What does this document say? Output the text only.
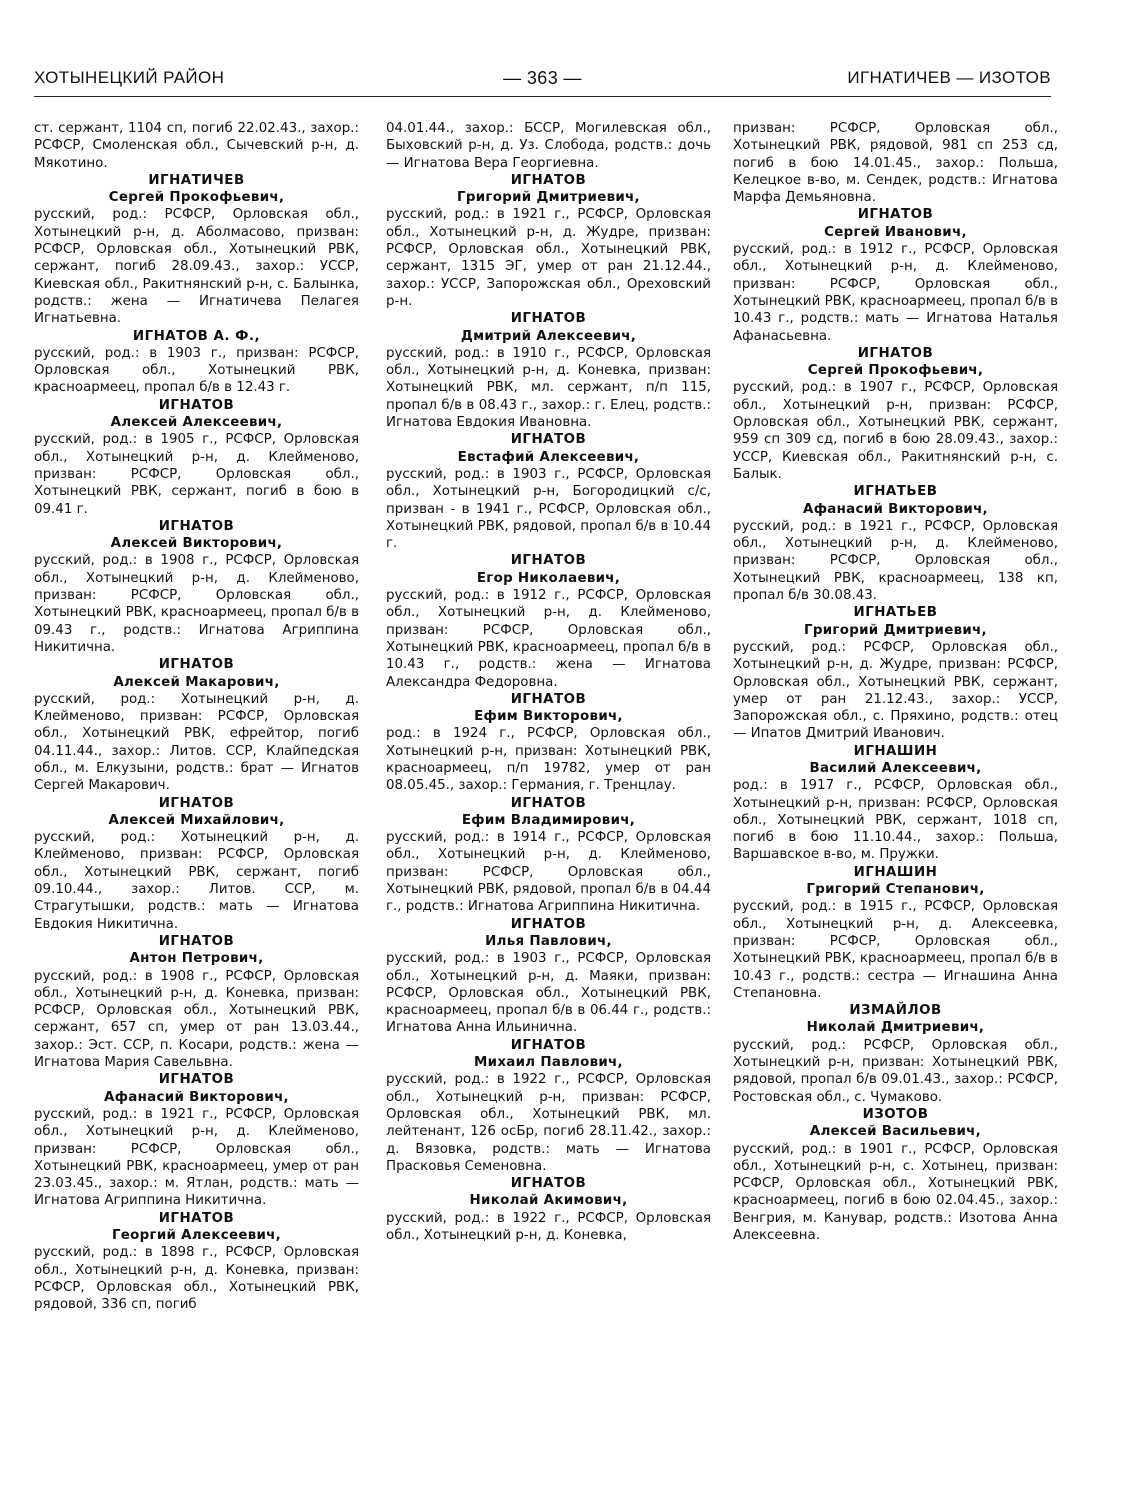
— 363 —
ХОТЫНЕЦКИЙ РАЙОН	ИГНАТИЧЕВ — ИЗОТОВ

ст. сержант, 1104 сп, погиб 22.02.43., захор.: РСФСР, Смоленская обл., Сычевский р-н, д. Мякотино.

ИГНАТИЧЕВ
Сергей Прокофьевич,

русский, род.: РСФСР, Орловская обл., Хотынецкий р-н, д. Аболмасово, призван: РСФСР, Орловская обл., Хотынецкий РВК, сержант, погиб 28.09.43., захор.: УССР, Киевская обл., Ракитнянский р-н, с. Балынка, родств.: жена — Игнатичева Пелагея Игнатьевна.

ИГНАТОВ А. Ф.,

русский, род.: в 1903 г., призван: РСФСР, Орловская обл., Хотынецкий РВК, красноармеец, пропал б/в в 12.43 г.

ИГНАТОВ
Алексей Алексеевич,

русский, род.: в 1905 г., РСФСР, Орловская обл., Хотынецкий р-н, д. Клейменово, призван: РСФСР, Орловская обл., Хотынецкий РВК, сержант, погиб в бою в 09.41 г.

ИГНАТОВ
Алексей Викторович,

русский, род.: в 1908 г., РСФСР, Орловская обл., Хотынецкий р-н, д. Клейменово, призван: РСФСР, Орловская обл., Хотынецкий РВК, красноармеец, пропал б/в в 09.43 г., родств.: Игнатова Агриппина Никитична.

ИГНАТОВ
Алексей Макарович,

русский, род.: Хотынецкий р-н, д. Клейменово, призван: РСФСР, Орловская обл., Хотынецкий РВК, ефрейтор, погиб 04.11.44., захор.: Литов. ССР, Клайпедская обл., м. Елкузыни, родств.: брат — Игнатов Сергей Макарович.

ИГНАТОВ
Алексей Михайлович,

русский, род.: Хотынецкий р-н, д. Клейменово, призван: РСФСР, Орловская обл., Хотынецкий РВК, сержант, погиб 09.10.44., захор.: Литов. ССР, м. Страгутышки, родств.: мать — Игнатова Евдокия Никитична.

ИГНАТОВ
Антон Петрович,

русский, род.: в 1908 г., РСФСР, Орловская обл., Хотынецкий р-н, д. Коневка, призван: РСФСР, Орловская обл., Хотынецкий РВК, сержант, 657 сп, умер от ран 13.03.44., захор.: Эст. ССР, п. Косари, родств.: жена — Игнатова Мария Савельвна.

ИГНАТОВ
Афанасий Викторович,

русский, род.: в 1921 г., РСФСР, Орловская обл., Хотынецкий р-н, д. Клейменово, призван: РСФСР, Орловская обл., Хотынецкий РВК, красноармеец, умер от ран 23.03.45., захор.: м. Ятлан, родств.: мать — Игнатова Агриппина Никитична.

ИГНАТОВ
Георгий Алексеевич,

русский, род.: в 1898 г., РСФСР, Орловская обл., Хотынецкий р-н, д. Коневка, призван: РСФСР, Орловская обл., Хотынецкий РВК, рядовой, 336 сп, погиб

04.01.44., захор.: БССР, Могилевская обл., Быховский р-н, д. Уз. Слобода, родств.: дочь — Игнатова Вера Георгиевна.

ИГНАТОВ
Григорий Дмитриевич,

русский, род.: в 1921 г., РСФСР, Орловская обл., Хотынецкий р-н, д. Жудре, призван: РСФСР, Орловская обл., Хотынецкий РВК, сержант, 1315 ЭГ, умер от ран 21.12.44., захор.: УССР, Запорожская обл., Ореховский р-н.

ИГНАТОВ
Дмитрий Алексеевич,

русский, род.: в 1910 г., РСФСР, Орловская обл., Хотынецкий р-н, д. Коневка, призван: Хотынецкий РВК, мл. сержант, п/п 115, пропал б/в в 08.43 г., захор.: г. Елец, родств.: Игнатова Евдокия Ивановна.

ИГНАТОВ
Евстафий Алексеевич,

русский, род.: в 1903 г., РСФСР, Орловская обл., Хотынецкий р-н, Богородицкий с/с, призван - в 1941 г., РСФСР, Орловская обл., Хотынецкий РВК, рядовой, пропал б/в в 10.44 г.

ИГНАТОВ
Егор Николаевич,

русский, род.: в 1912 г., РСФСР, Орловская обл., Хотынецкий р-н, д. Клейменово, призван: РСФСР, Орловская обл., Хотынецкий РВК, красноармеец, пропал б/в в 10.43 г., родств.: жена — Игнатова Александра Федоровна.

ИГНАТОВ
Ефим Викторович,

род.: в 1924 г., РСФСР, Орловская обл., Хотынецкий р-н, призван: Хотынецкий РВК, красноармеец, п/п 19782, умер от ран 08.05.45., захор.: Германия, г. Тренцлау.

ИГНАТОВ
Ефим Владимирович,

русский, род.: в 1914 г., РСФСР, Орловская обл., Хотынецкий р-н, д. Клейменово, призван: РСФСР, Орловская обл., Хотынецкий РВК, рядовой, пропал б/в в 04.44 г., родств.: Игнатова Агриппина Никитична.

ИГНАТОВ
Илья Павлович,

русский, род.: в 1903 г., РСФСР, Орловская обл., Хотынецкий р-н, д. Маяки, призван: РСФСР, Орловская обл., Хотынецкий РВК, красноармеец, пропал б/в в 06.44 г., родств.: Игнатова Анна Ильинична.

ИГНАТОВ
Михаил Павлович,

русский, род.: в 1922 г., РСФСР, Орловская обл., Хотынецкий р-н, призван: РСФСР, Орловская обл., Хотынецкий РВК, мл. лейтенант, 126 осБр, погиб 28.11.42., захор.: д. Вязовка, родств.: мать — Игнатова Прасковья Семеновна.

ИГНАТОВ
Николай Акимович,

русский, род.: в 1922 г., РСФСР, Орловская обл., Хотынецкий р-н, д. Коневка,

призван: РСФСР, Орловская обл., Хотынецкий РВК, рядовой, 981 сп 253 сд, погиб в бою 14.01.45., захор.: Польша, Келецкое в-во, м. Сендек, родств.: Игнатова Марфа Демьяновна.

ИГНАТОВ
Сергей Иванович,

русский, род.: в 1912 г., РСФСР, Орловская обл., Хотынецкий р-н, д. Клейменово, призван: РСФСР, Орловская обл., Хотынецкий РВК, красноармеец, пропал б/в в 10.43 г., родств.: мать — Игнатова Наталья Афанасьевна.

ИГНАТОВ
Сергей Прокофьевич,

русский, род.: в 1907 г., РСФСР, Орловская обл., Хотынецкий р-н, призван: РСФСР, Орловская обл., Хотынецкий РВК, сержант, 959 сп 309 сд, погиб в бою 28.09.43., захор.: УССР, Киевская обл., Ракитнянский р-н, с. Балык.

ИГНАТЬЕВ
Афанасий Викторович,

русский, род.: в 1921 г., РСФСР, Орловская обл., Хотынецкий р-н, д. Клейменово, призван: РСФСР, Орловская обл., Хотынецкий РВК, красноармеец, 138 кп, пропал б/в 30.08.43.

ИГНАТЬЕВ
Григорий Дмитриевич,

русский, род.: РСФСР, Орловская обл., Хотынецкий р-н, д. Жудре, призван: РСФСР, Орловская обл., Хотынецкий РВК, сержант, умер от ран 21.12.43., захор.: УССР, Запорожская обл., с. Пряхино, родств.: отец — Ипатов Дмитрий Иванович.

ИГНАШИН
Василий Алексеевич,

род.: в 1917 г., РСФСР, Орловская обл., Хотынецкий р-н, призван: РСФСР, Орловская обл., Хотынецкий РВК, сержант, 1018 сп, погиб в бою 11.10.44., захор.: Польша, Варшавское в-во, м. Пружки.

ИГНАШИН
Григорий Степанович,

русский, род.: в 1915 г., РСФСР, Орловская обл., Хотынецкий р-н, д. Алексеевка, призван: РСФСР, Орловская обл., Хотынецкий РВК, красноармеец, пропал б/в в 10.43 г., родств.: сестра — Игнашина Анна Степановна.

ИЗМАЙЛОВ
Николай Дмитриевич,

русский, род.: РСФСР, Орловская обл., Хотынецкий р-н, призван: Хотынецкий РВК, рядовой, пропал б/в 09.01.43., захор.: РСФСР, Ростовская обл., с. Чумаково.

ИЗОТОВ
Алексей Васильевич,

русский, род.: в 1901 г., РСФСР, Орловская обл., Хотынецкий р-н, с. Хотынец, призван: РСФСР, Орловская обл., Хотынецкий РВК, красноармеец, погиб в бою 02.04.45., захор.: Венгрия, м. Канувар, родств.: Изотова Анна Алексеевна.
